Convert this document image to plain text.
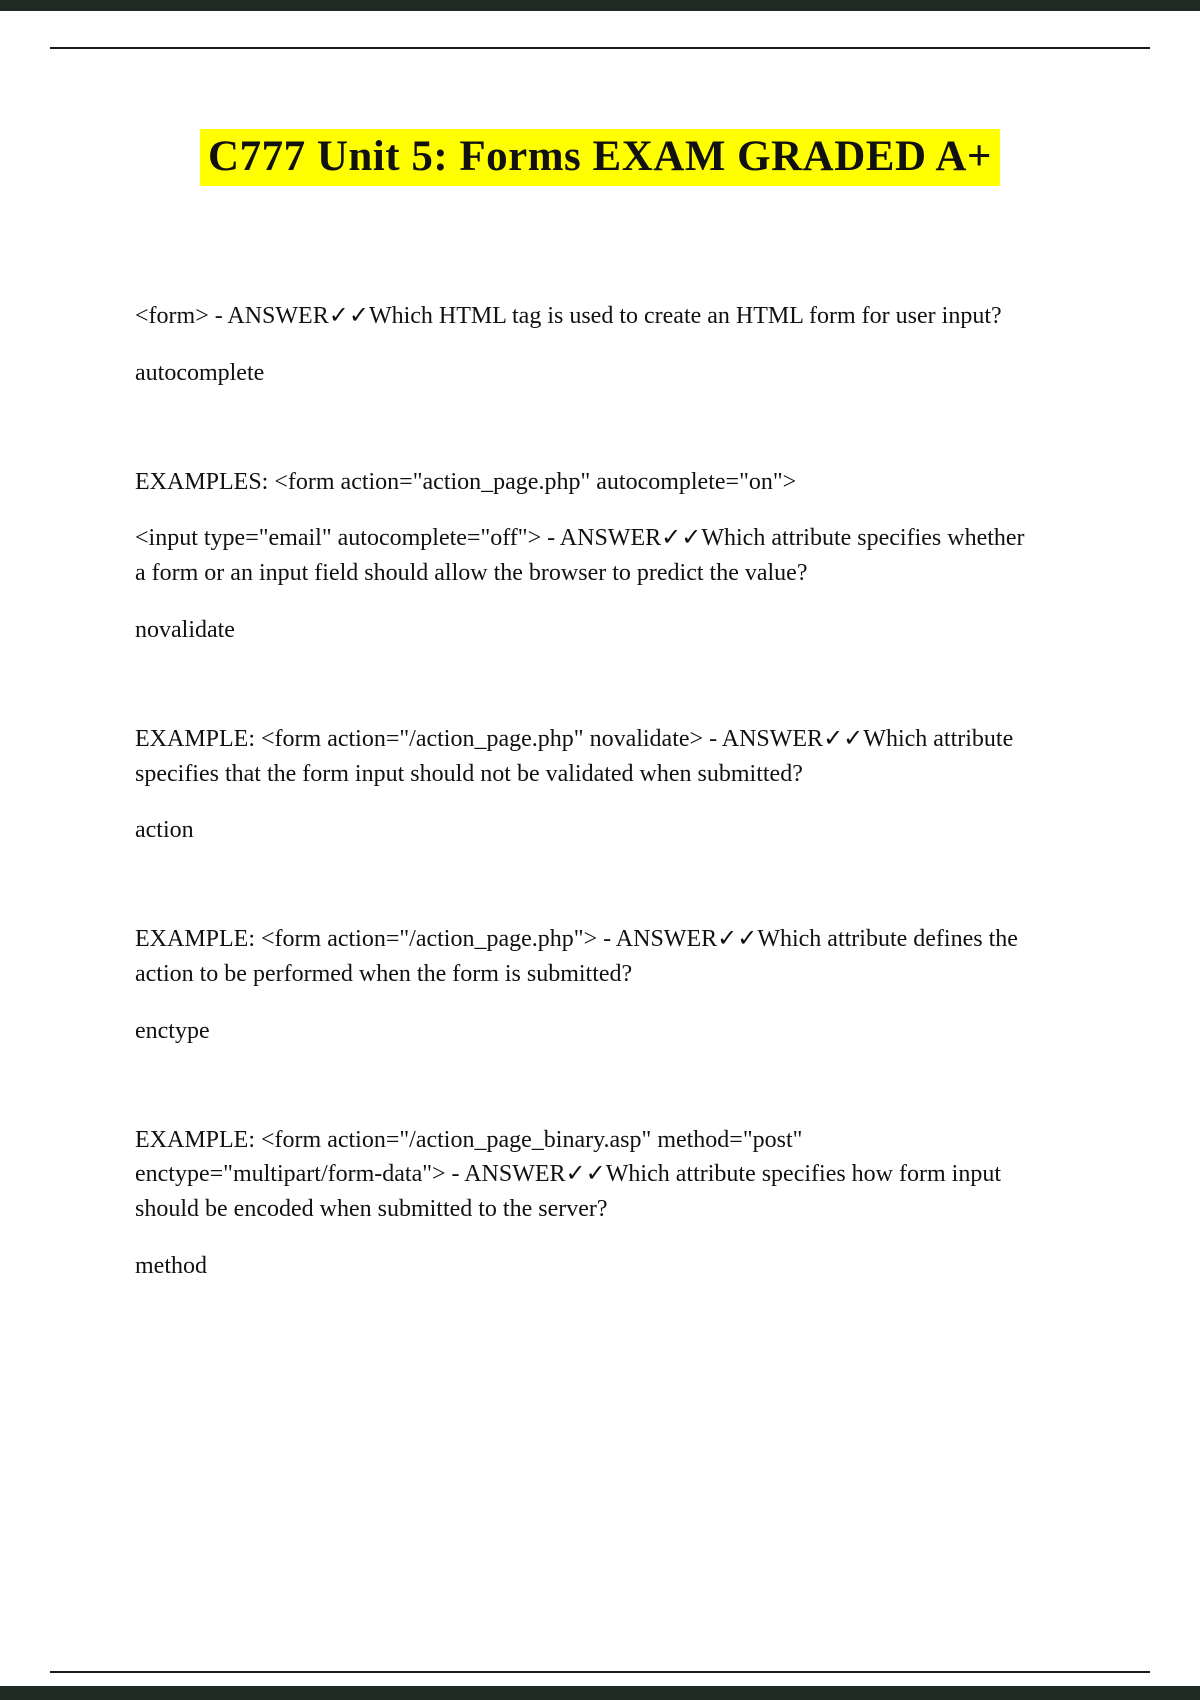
C777 Unit 5: Forms EXAM GRADED A+

<form> - ANSWER✓✓Which HTML tag is used to create an HTML form for user input?

autocomplete

EXAMPLES: <form action="action_page.php" autocomplete="on">

<input type="email" autocomplete="off"> - ANSWER✓✓Which attribute specifies whether a form or an input field should allow the browser to predict the value?

novalidate

EXAMPLE: <form action="/action_page.php" novalidate> - ANSWER✓✓Which attribute specifies that the form input should not be validated when submitted?

action

EXAMPLE: <form action="/action_page.php"> - ANSWER✓✓Which attribute defines the action to be performed when the form is submitted?

enctype

EXAMPLE: <form action="/action_page_binary.asp" method="post" enctype="multipart/form-data"> - ANSWER✓✓Which attribute specifies how form input should be encoded when submitted to the server?

method
